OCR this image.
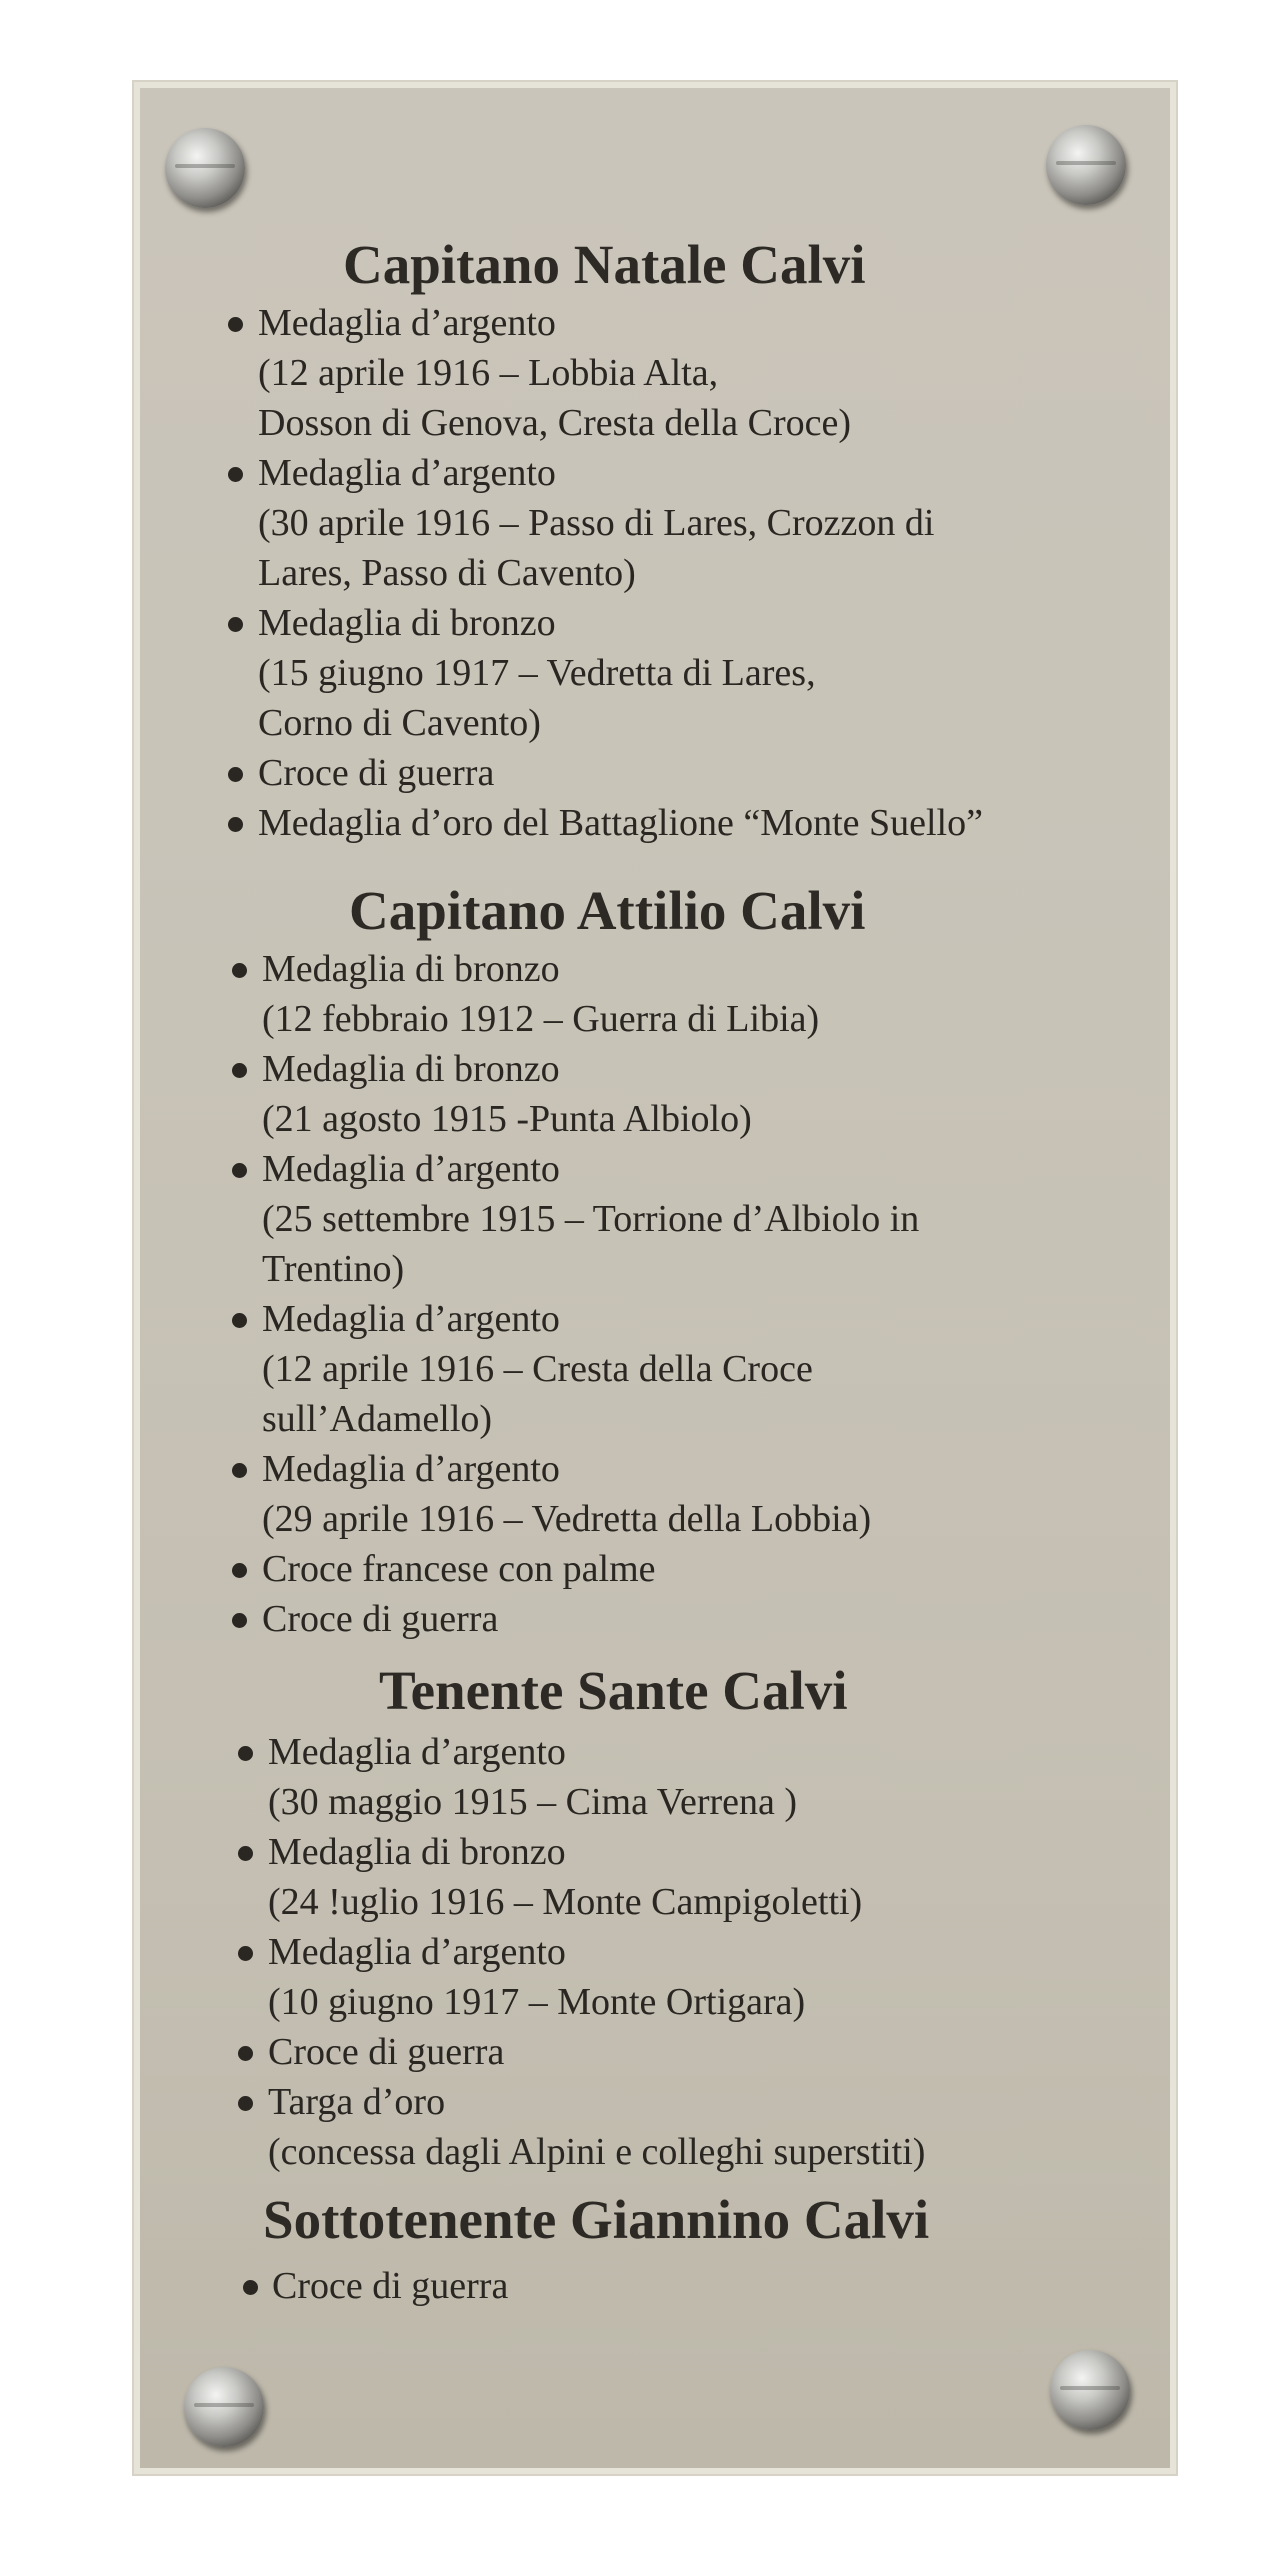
Capitano Natale Calvi
Medaglia d’argento
(12 aprile 1916 – Lobbia Alta,
Dosson di Genova, Cresta della Croce)
Medaglia d’argento
(30 aprile 1916 – Passo di Lares, Crozzon di
Lares, Passo di Cavento)
Medaglia di bronzo
(15 giugno 1917 – Vedretta di Lares,
Corno di Cavento)
Croce di guerra
Medaglia d’oro del Battaglione “Monte Suello”
Capitano Attilio Calvi
Medaglia di bronzo
(12 febbraio 1912 – Guerra di Libia)
Medaglia di bronzo
(21 agosto 1915 -Punta Albiolo)
Medaglia d’argento
(25 settembre 1915 – Torrione d’Albiolo in
Trentino)
Medaglia d’argento
(12 aprile 1916 – Cresta della Croce
sull’Adamello)
Medaglia d’argento
(29 aprile 1916 – Vedretta della Lobbia)
Croce francese con palme
Croce di guerra
Tenente Sante Calvi
Medaglia d’argento
(30 maggio 1915 – Cima Verrena )
Medaglia di bronzo
(24 !uglio 1916 – Monte Campigoletti)
Medaglia d’argento
(10 giugno 1917 – Monte Ortigara)
Croce di guerra
Targa d’oro
(concessa dagli Alpini e colleghi superstiti)
Sottotenente Giannino Calvi
Croce di guerra
